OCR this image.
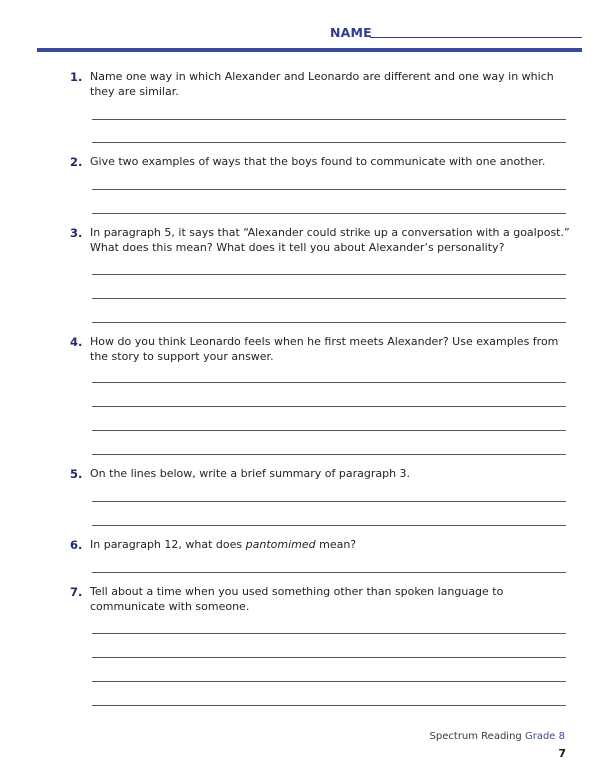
NAME
1. Name one way in which Alexander and Leonardo are different and one way in which they are similar.
2. Give two examples of ways that the boys found to communicate with one another.
3. In paragraph 5, it says that “Alexander could strike up a conversation with a goalpost.” What does this mean? What does it tell you about Alexander’s personality?
4. How do you think Leonardo feels when he first meets Alexander? Use examples from the story to support your answer.
5. On the lines below, write a brief summary of paragraph 3.
6. In paragraph 12, what does pantomimed mean?
7. Tell about a time when you used something other than spoken language to communicate with someone.
Spectrum Reading Grade 8
7
